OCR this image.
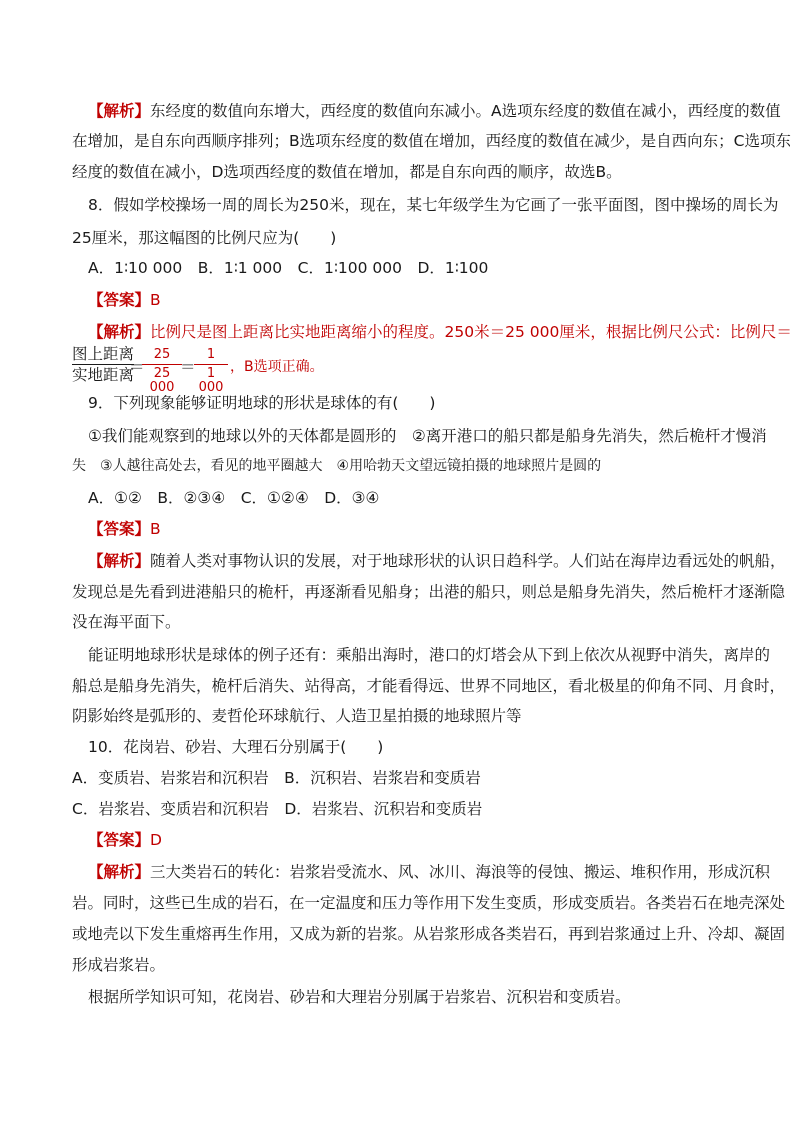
【解析】东经度的数值向东增大，西经度的数值向东减小。A选项东经度的数值在减小，西经度的数值
在增加，是自东向西顺序排列；B选项东经度的数值在增加，西经度的数值在减少，是自西向东；C选项东
经度的数值在减小，D选项西经度的数值在增加，都是自东向西的顺序，故选B。
8．假如学校操场一周的周长为250米，现在，某七年级学生为它画了一张平面图，图中操场的周长为
25厘米，那这幅图的比例尺应为(　　)
A．1∶10 000　B．1∶1 000　C．1∶100 000　D．1∶100
【答案】B
【解析】比例尺是图上距离比实地距离缩小的程度。250米＝25 000厘米，根据比例尺公式：比例尺＝
图上距离
实地距离
＝
25
25 000
＝
1
1 000
，B选项正确。
9．下列现象能够证明地球的形状是球体的有(　　)
①我们能观察到的地球以外的天体都是圆形的　②离开港口的船只都是船身先消失，然后桅杆才慢消
失　③人越往高处去，看见的地平圈越大　④用哈勃天文望远镜拍摄的地球照片是圆的
A．①②　B．②③④　C．①②④　D．③④
【答案】B
【解析】随着人类对事物认识的发展，对于地球形状的认识日趋科学。人们站在海岸边看远处的帆船，
发现总是先看到进港船只的桅杆，再逐渐看见船身；出港的船只，则总是船身先消失，然后桅杆才逐渐隐
没在海平面下。
能证明地球形状是球体的例子还有：乘船出海时，港口的灯塔会从下到上依次从视野中消失，离岸的
船总是船身先消失，桅杆后消失、站得高，才能看得远、世界不同地区，看北极星的仰角不同、月食时，
阴影始终是弧形的、麦哲伦环球航行、人造卫星拍摄的地球照片等
10．花岗岩、砂岩、大理石分别属于(　　)
A．变质岩、岩浆岩和沉积岩　B．沉积岩、岩浆岩和变质岩
C．岩浆岩、变质岩和沉积岩　D．岩浆岩、沉积岩和变质岩
【答案】D
【解析】三大类岩石的转化：岩浆岩受流水、风、冰川、海浪等的侵蚀、搬运、堆积作用，形成沉积
岩。同时，这些已生成的岩石，在一定温度和压力等作用下发生变质，形成变质岩。各类岩石在地壳深处
或地壳以下发生重熔再生作用，又成为新的岩浆。从岩浆形成各类岩石，再到岩浆通过上升、冷却、凝固
形成岩浆岩。
根据所学知识可知，花岗岩、砂岩和大理岩分别属于岩浆岩、沉积岩和变质岩。
